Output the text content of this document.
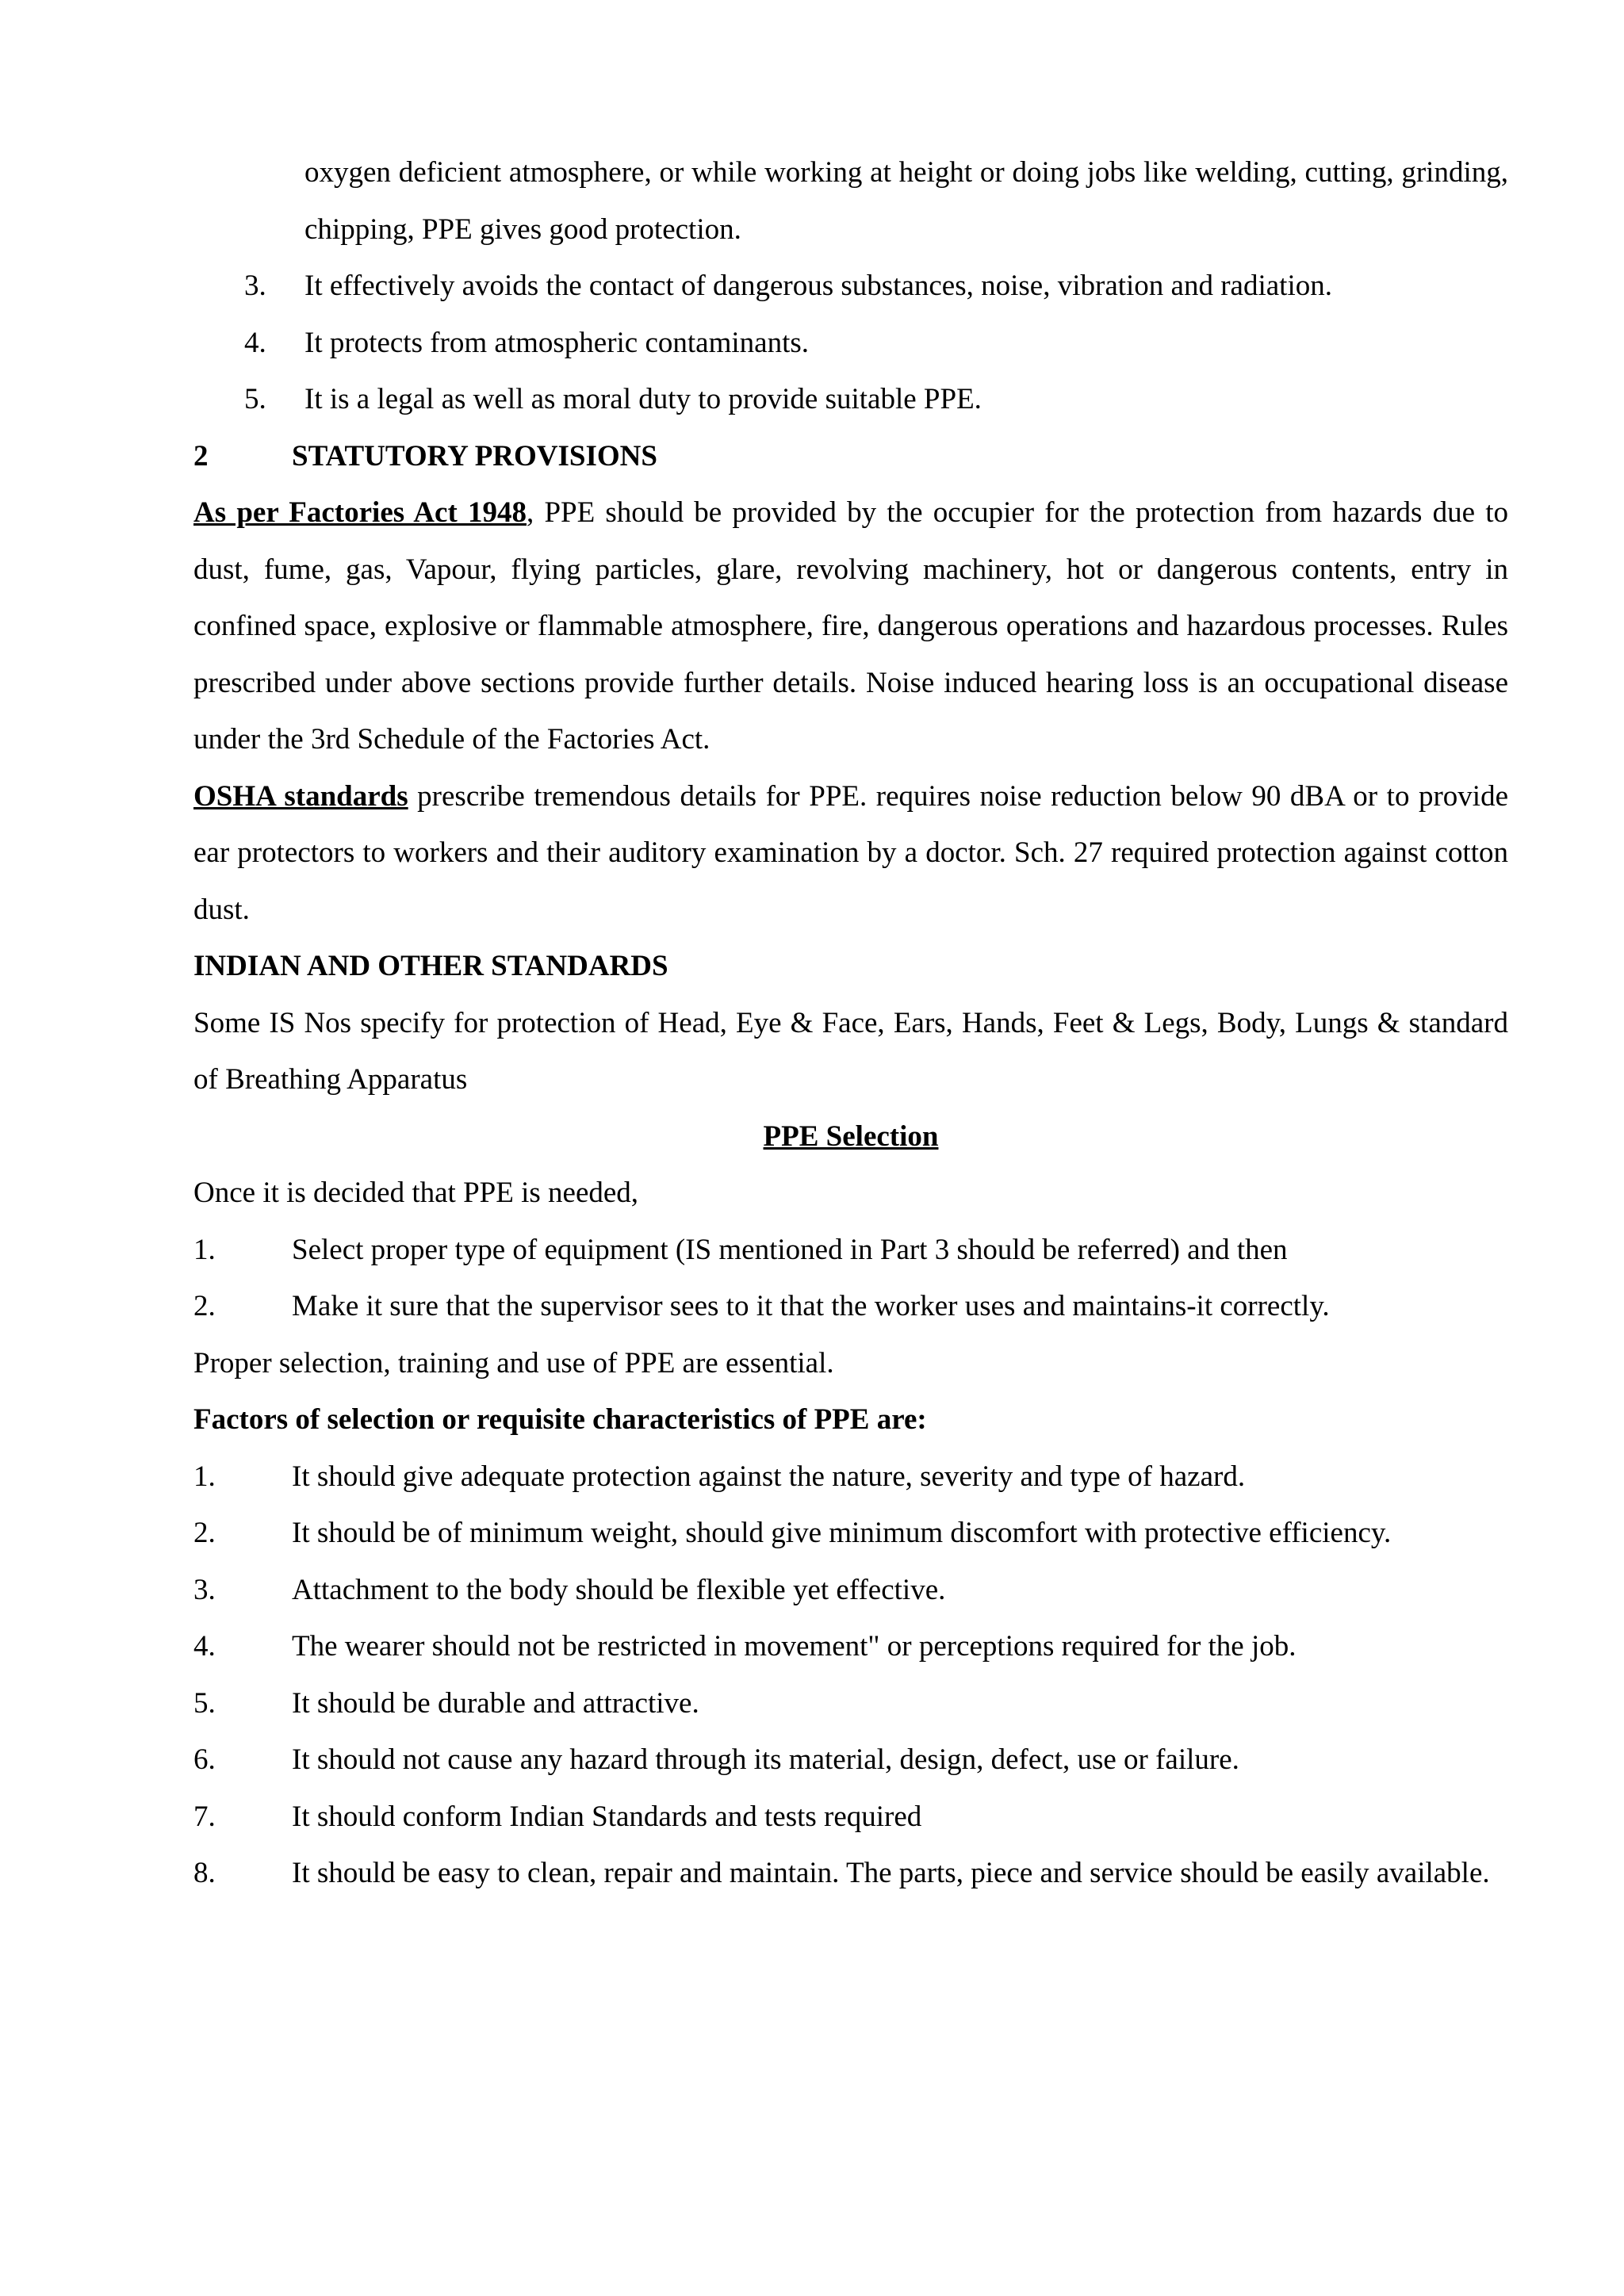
oxygen deficient atmosphere, or while working at height or doing jobs like welding, cutting, grinding, chipping, PPE gives good protection.

3.	It effectively avoids the contact of dangerous substances, noise, vibration and radiation.
4.	It protects from atmospheric contaminants.
5.	It is a legal as well as moral duty to provide suitable PPE.
2	STATUTORY PROVISIONS

As per Factories Act 1948, PPE should be provided by the occupier for the protection from hazards due to dust, fume, gas, Vapour, flying particles, glare, revolving machinery, hot or dangerous contents, entry in confined space, explosive or flammable atmosphere, fire, dangerous operations and hazardous processes. Rules prescribed under above sections provide further details. Noise induced hearing loss is an occupational disease under the 3rd Schedule of the Factories Act.

OSHA standards prescribe tremendous details for PPE. requires noise reduction below 90 dBA or to provide ear protectors to workers and their auditory examination by a doctor. Sch. 27 required protection against cotton dust.

INDIAN AND OTHER STANDARDS

Some IS Nos specify for protection of Head, Eye & Face, Ears, Hands, Feet & Legs, Body, Lungs & standard of Breathing Apparatus

PPE Selection

Once it is decided that PPE is needed,

1.	Select proper type of equipment (IS mentioned in Part 3 should be referred) and then
2.	Make it sure that the supervisor sees to it that the worker uses and maintains-it correctly.

Proper selection, training and use of PPE are essential.

Factors of selection or requisite characteristics of PPE are:

1.	It should give adequate protection against the nature, severity and type of hazard.
2.	It should be of minimum weight, should give minimum discomfort with protective efficiency.
3.	Attachment to the body should be flexible yet effective.
4.	The wearer should not be restricted in movement" or perceptions required for the job.
5.	It should be durable and attractive.
6.	It should not cause any hazard through its material, design, defect, use or failure.
7.	It should conform Indian Standards and tests required
8.	It should be easy to clean, repair and maintain. The parts, piece and service should be easily available.
